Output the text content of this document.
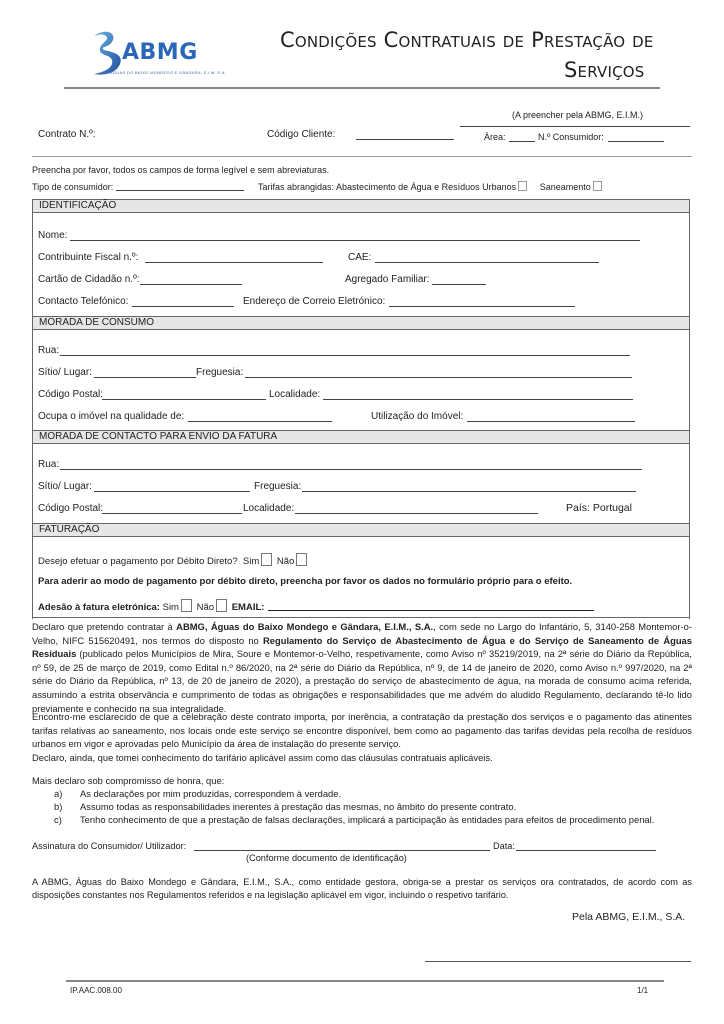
ABMG
ÁGUAS DO BAIXO MONDEGO E GÂNDARA, E.I.M. S.A.
Condições Contratuais de Prestação de
Serviços
(A preencher pela ABMG, E.I.M.)
Contrato N.º:	Código Cliente:	Área:	N.º Consumidor:
Preencha por favor, todos os campos de forma legível e sem abreviaturas.
Tipo de consumidor:	Tarifas abrangidas: Abastecimento de Água e Resíduos Urbanos	Saneamento
IDENTIFICAÇÃO
Nome:
Contribuinte Fiscal n.º:	CAE:
Cartão de Cidadão n.º:	Agregado Familiar:
Contacto Telefónico:	Endereço de Correio Eletrónico:
MORADA DE CONSUMO
Rua:
Sítio/ Lugar:	Freguesia:
Código Postal:	Localidade:
Ocupa o imóvel na qualidade de:	Utilização do Imóvel:
MORADA DE CONTACTO PARA ENVIO DA FATURA
Rua:
Sítio/ Lugar:	Freguesia:
Código Postal:	Localidade:	País: Portugal
FATURAÇÃO
Desejo efetuar o pagamento por Débito Direto? Sim Não
Para aderir ao modo de pagamento por débito direto, preencha por favor os dados no formulário próprio para o efeito.
Adesão à fatura eletrónica: Sim Não EMAIL:
Declaro que pretendo contratar à ABMG, Águas do Baixo Mondego e Gândara, E.I.M., S.A., com sede no Largo do Infantário, 5, 3140-258 Montemor-o-Velho, NIFC 515620491, nos termos do disposto no Regulamento do Serviço de Abastecimento de Água e do Serviço de Saneamento de Águas Residuais (publicado pelos Municípios de Mira, Soure e Montemor-o-Velho, respetivamente, como Aviso nº 35219/2019, na 2ª série do Diário da República, nº 59, de 25 de março de 2019, como Edital n.º 86/2020, na 2ª série do Diário da República, nº 9, de 14 de janeiro de 2020, como Aviso n.º 997/2020, na 2ª série do Diário da República, nº 13, de 20 de janeiro de 2020), a prestação do serviço de abastecimento de água, na morada de consumo acima referida, assumindo a estrita observância e cumprimento de todas as obrigações e responsabilidades que me advém do aludido Regulamento, declarando tê-lo lido previamente e conhecido na sua integralidade.
Encontro-me esclarecido de que a celebração deste contrato importa, por inerência, a contratação da prestação dos serviços e o pagamento das atinentes tarifas relativas ao saneamento, nos locais onde este serviço se encontre disponível, bem como ao pagamento das tarifas devidas pela recolha de resíduos urbanos em vigor e aprovadas pelo Município da área de instalação do presente serviço.
Declaro, ainda, que tomei conhecimento do tarifário aplicável assim como das cláusulas contratuais aplicáveis.
Mais declaro sob compromisso de honra, que:
a) As declarações por mim produzidas, correspondem à verdade.
b) Assumo todas as responsabilidades inerentes à prestação das mesmas, no âmbito do presente contrato.
c) Tenho conhecimento de que a prestação de falsas declarações, implicará a participação às entidades para efeitos de procedimento penal.
Assinatura do Consumidor/ Utilizador:	Data:
(Conforme documento de identificação)
A ABMG, Águas do Baixo Mondego e Gândara, E.I.M., S.A., como entidade gestora, obriga-se a prestar os serviços ora contratados, de acordo com as disposições constantes nos Regulamentos referidos e na legislação aplicável em vigor, incluindo o respetivo tarifário.
Pela ABMG, E.I.M., S.A.
IP.AAC.008.00	1/1
